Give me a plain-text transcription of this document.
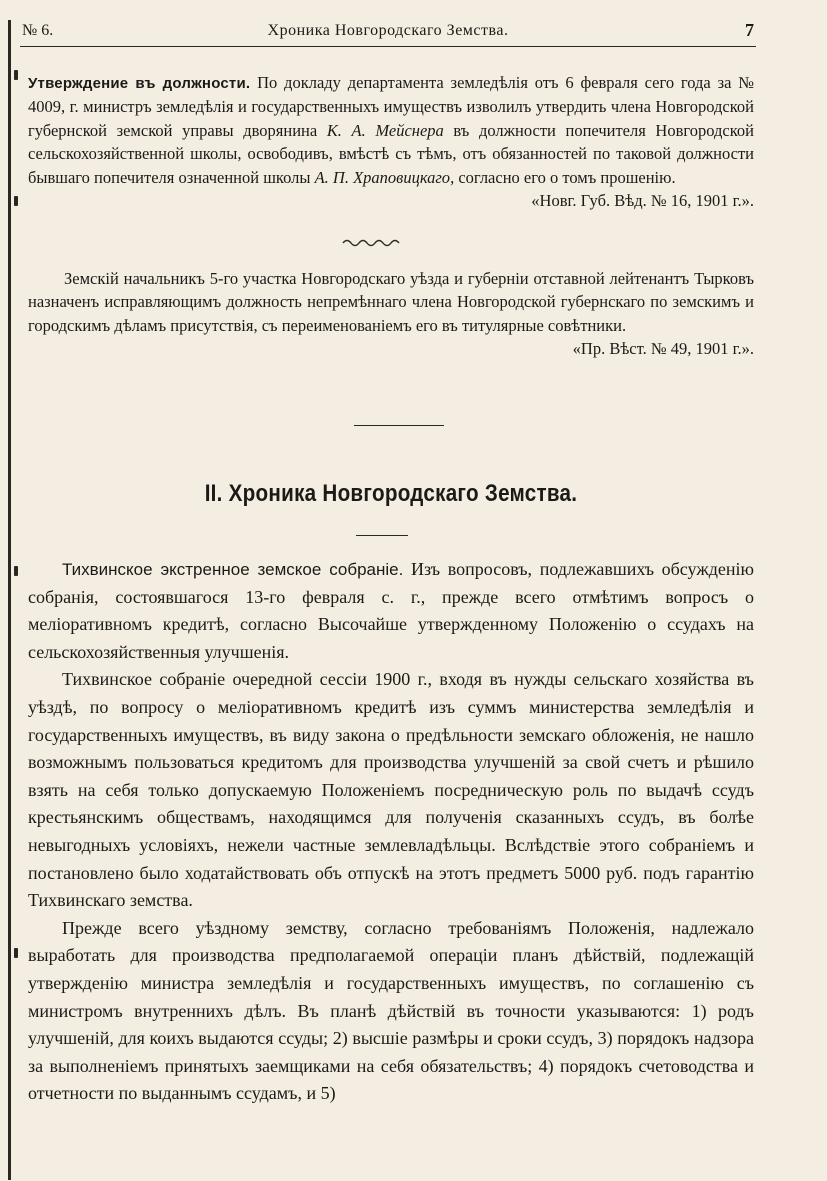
№ 6.	Хроника Новгородскаго Земства.	7

Утверждение въ должности. По докладу департамента земледѣлія отъ 6 февраля сего года за № 4009, г. министръ земледѣлія и государственныхъ имуществъ изволилъ утвердить члена Новгородской губернской земской управы дворянина К. А. Мейснера въ должности попечителя Новгородской сельскохозяйственной школы, освободивъ, вмѣстѣ съ тѣмъ, отъ обязанностей по таковой должности бывшаго попечителя означенной школы А. П. Храповицкаго, согласно его о томъ прошенію.
«Новг. Губ. Вѣд. № 16, 1901 г.».

Земскій начальникъ 5-го участка Новгородскаго уѣзда и губерніи отставной лейтенантъ Тырковъ назначенъ исправляющимъ должность непремѣннаго члена Новгородской губернскаго по земскимъ и городскимъ дѣламъ присутствія, съ переименованіемъ его въ титулярные совѣтники.
«Пр. Вѣст. № 49, 1901 г.».

II. Хроника Новгородскаго Земства.

Тихвинское экстренное земское собраніе. Изъ вопросовъ, подлежавшихъ обсужденію собранія, состоявшагося 13-го февраля с. г., прежде всего отмѣтимъ вопросъ о меліоративномъ кредитѣ, согласно Высочайше утвержденному Положенію о ссудахъ на сельскохозяйственныя улучшенія.

Тихвинское собраніе очередной сессіи 1900 г., входя въ нужды сельскаго хозяйства въ уѣздѣ, по вопросу о меліоративномъ кредитѣ изъ суммъ министерства земледѣлія и государственныхъ имуществъ, въ виду закона о предѣльности земскаго обложенія, не нашло возможнымъ пользоваться кредитомъ для производства улучшеній за свой счетъ и рѣшило взять на себя только допускаемую Положеніемъ посредническую роль по выдачѣ ссудъ крестьянскимъ обществамъ, находящимся для полученія сказанныхъ ссудъ, въ болѣе невыгодныхъ условіяхъ, нежели частные землевладѣльцы. Вслѣдствіе этого собраніемъ и постановлено было ходатайствовать объ отпускѣ на этотъ предметъ 5000 руб. подъ гарантію Тихвинскаго земства.

Прежде всего уѣздному земству, согласно требованіямъ Положенія, надлежало выработать для производства предполагаемой операціи планъ дѣйствій, подлежащій утвержденію министра земледѣлія и государственныхъ имуществъ, по соглашенію съ министромъ внутреннихъ дѣлъ. Въ планѣ дѣйствій въ точности указываются: 1) родъ улучшеній, для коихъ выдаются ссуды; 2) высшіе размѣры и сроки ссудъ, 3) порядокъ надзора за выполненіемъ принятыхъ заемщиками на себя обязательствъ; 4) порядокъ счетоводства и отчетности по выданнымъ ссудамъ, и 5)
